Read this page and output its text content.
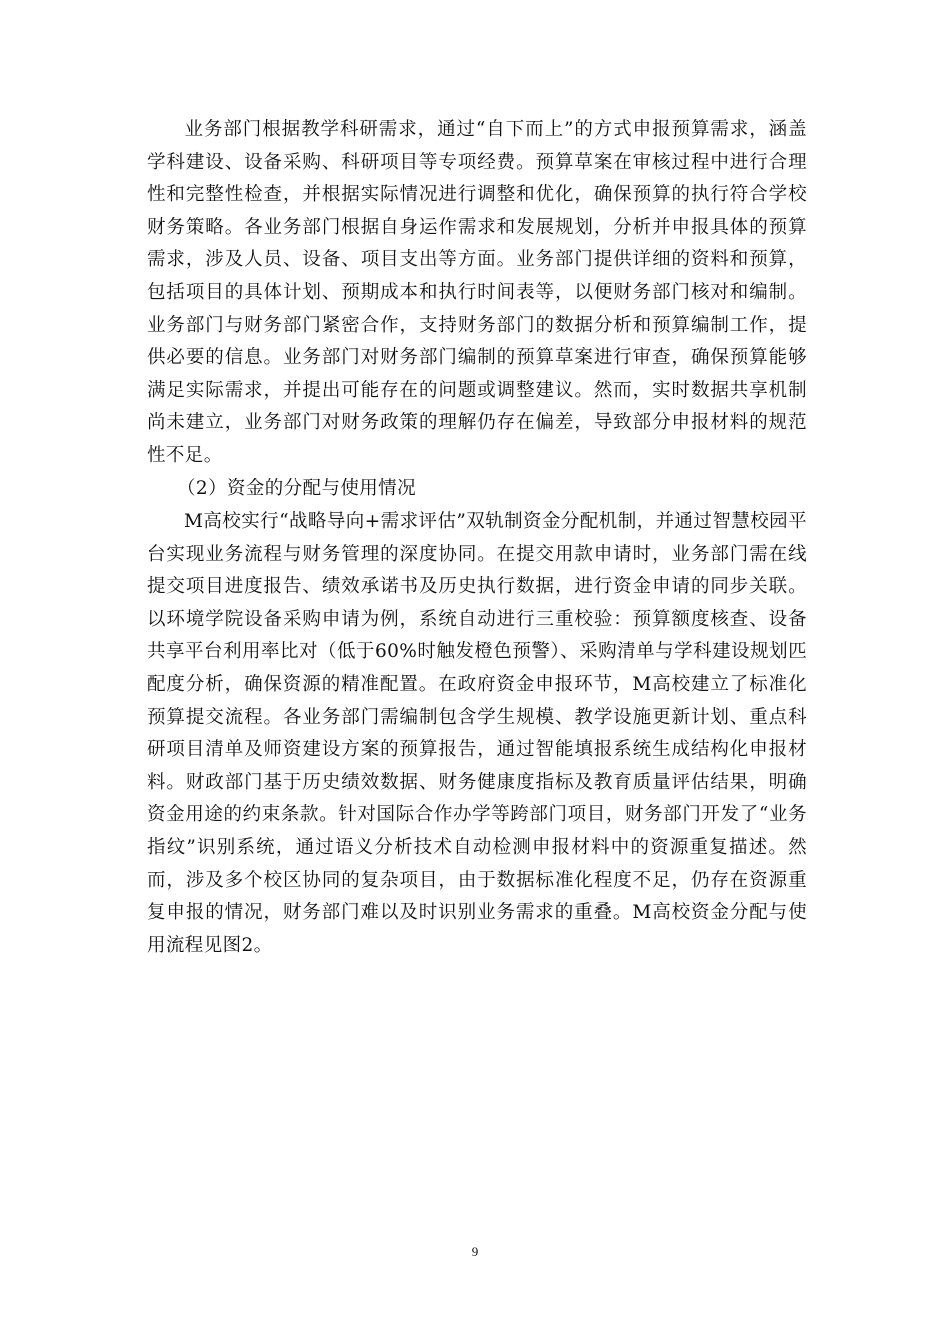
业务部门根据教学科研需求，通过“自下而上”的方式申报预算需求，涵盖学科建设、设备采购、科研项目等专项经费。预算草案在审核过程中进行合理性和完整性检查，并根据实际情况进行调整和优化，确保预算的执行符合学校财务策略。各业务部门根据自身运作需求和发展规划，分析并申报具体的预算需求，涉及人员、设备、项目支出等方面。业务部门提供详细的资料和预算，包括项目的具体计划、预期成本和执行时间表等，以便财务部门核对和编制。业务部门与财务部门紧密合作，支持财务部门的数据分析和预算编制工作，提供必要的信息。业务部门对财务部门编制的预算草案进行审查，确保预算能够满足实际需求，并提出可能存在的问题或调整建议。然而，实时数据共享机制尚未建立，业务部门对财务政策的理解仍存在偏差，导致部分申报材料的规范性不足。

（2）资金的分配与使用情况

M高校实行“战略导向+需求评估”双轨制资金分配机制，并通过智慧校园平台实现业务流程与财务管理的深度协同。在提交用款申请时，业务部门需在线提交项目进度报告、绩效承诺书及历史执行数据，进行资金申请的同步关联。以环境学院设备采购申请为例，系统自动进行三重校验：预算额度核查、设备共享平台利用率比对（低于60%时触发橙色预警）、采购清单与学科建设规划匹配度分析，确保资源的精准配置。在政府资金申报环节，M高校建立了标准化预算提交流程。各业务部门需编制包含学生规模、教学设施更新计划、重点科研项目清单及师资建设方案的预算报告，通过智能填报系统生成结构化申报材料。财政部门基于历史绩效数据、财务健康度指标及教育质量评估结果，明确资金用途的约束条款。针对国际合作办学等跨部门项目，财务部门开发了“业务指纹”识别系统，通过语义分析技术自动检测申报材料中的资源重复描述。然而，涉及多个校区协同的复杂项目，由于数据标准化程度不足，仍存在资源重复申报的情况，财务部门难以及时识别业务需求的重叠。M高校资金分配与使用流程见图2。

9
